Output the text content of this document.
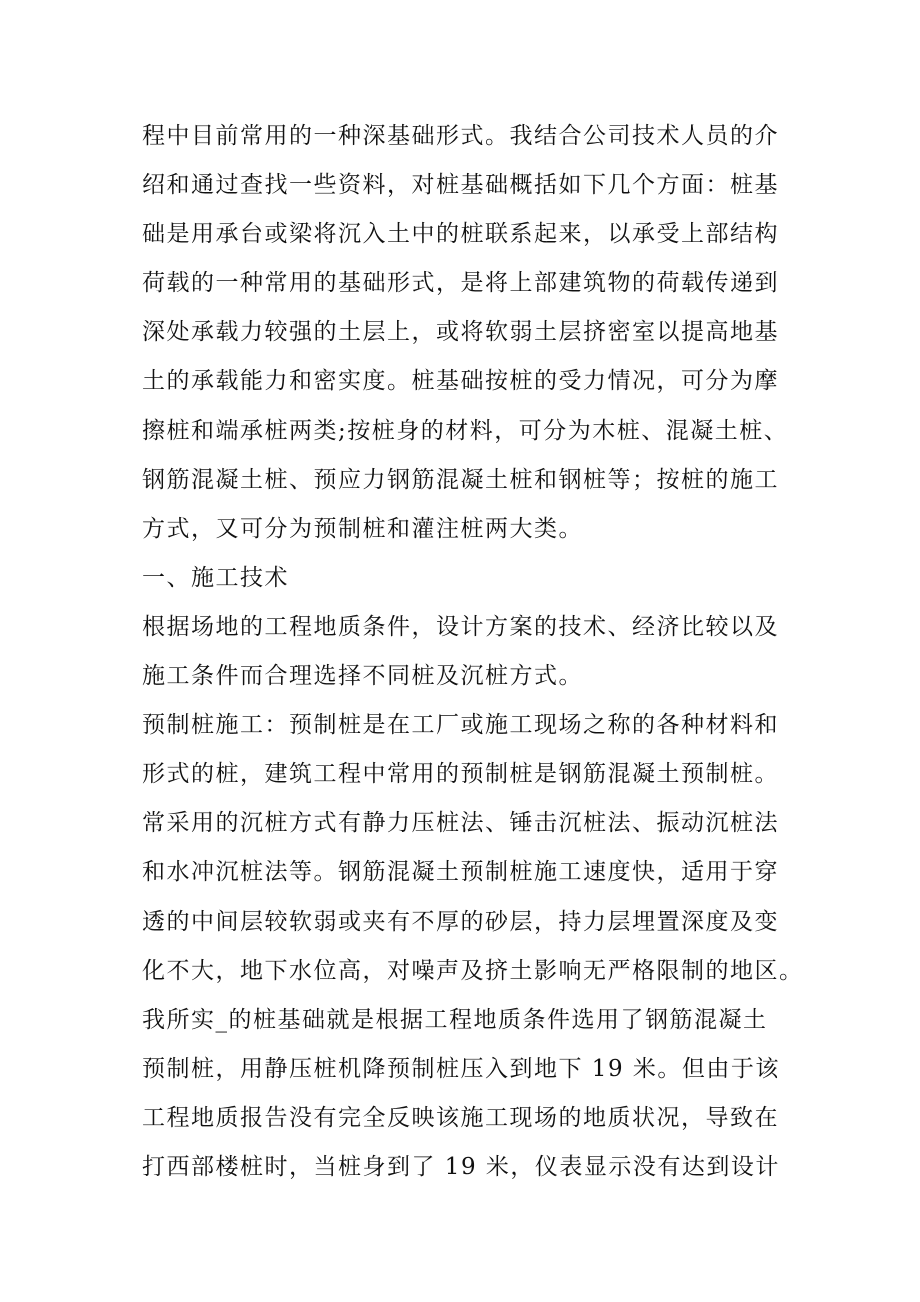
程中目前常用的一种深基础形式。我结合公司技术人员的介
绍和通过查找一些资料，对桩基础概括如下几个方面：桩基
础是用承台或梁将沉入土中的桩联系起来，以承受上部结构
荷载的一种常用的基础形式，是将上部建筑物的荷载传递到
深处承载力较强的土层上，或将软弱土层挤密室以提高地基
土的承载能力和密实度。桩基础按桩的受力情况，可分为摩
擦桩和端承桩两类;按桩身的材料，可分为木桩、混凝土桩、
钢筋混凝土桩、预应力钢筋混凝土桩和钢桩等；按桩的施工
方式，又可分为预制桩和灌注桩两大类。
一、施工技术
根据场地的工程地质条件，设计方案的技术、经济比较以及
施工条件而合理选择不同桩及沉桩方式。
预制桩施工：预制桩是在工厂或施工现场之称的各种材料和
形式的桩，建筑工程中常用的预制桩是钢筋混凝土预制桩。
常采用的沉桩方式有静力压桩法、锤击沉桩法、振动沉桩法
和水冲沉桩法等。钢筋混凝土预制桩施工速度快，适用于穿
透的中间层较软弱或夹有不厚的砂层，持力层埋置深度及变
化不大，地下水位高，对噪声及挤土影响无严格限制的地区。
我所实_的桩基础就是根据工程地质条件选用了钢筋混凝土
预制桩，用静压桩机降预制桩压入到地下 19 米。但由于该
工程地质报告没有完全反映该施工现场的地质状况，导致在
打西部楼桩时，当桩身到了 19 米，仪表显示没有达到设计
